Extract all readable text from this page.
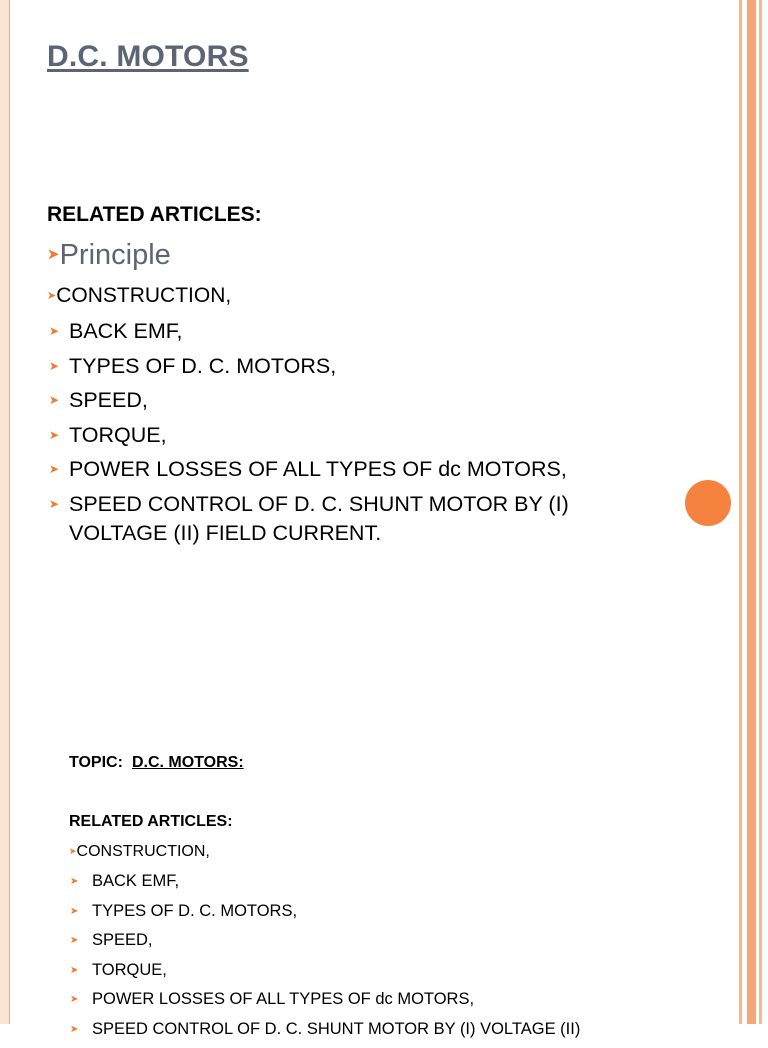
D.C. MOTORS
RELATED ARTICLES:
➤Principle
➤CONSTRUCTION,
➤ BACK EMF,
➤ TYPES OF D. C. MOTORS,
➤ SPEED,
➤ TORQUE,
➤ POWER LOSSES OF ALL TYPES OF dc MOTORS,
➤ SPEED CONTROL OF D. C. SHUNT MOTOR BY (I) VOLTAGE (II) FIELD CURRENT.
TOPIC: D.C. MOTORS:
RELATED ARTICLES:
➤CONSTRUCTION,
➤ BACK EMF,
➤ TYPES OF D. C. MOTORS,
➤ SPEED,
➤ TORQUE,
➤ POWER LOSSES OF ALL TYPES OF dc MOTORS,
➤ SPEED CONTROL OF D. C. SHUNT MOTOR BY (I) VOLTAGE (II)
